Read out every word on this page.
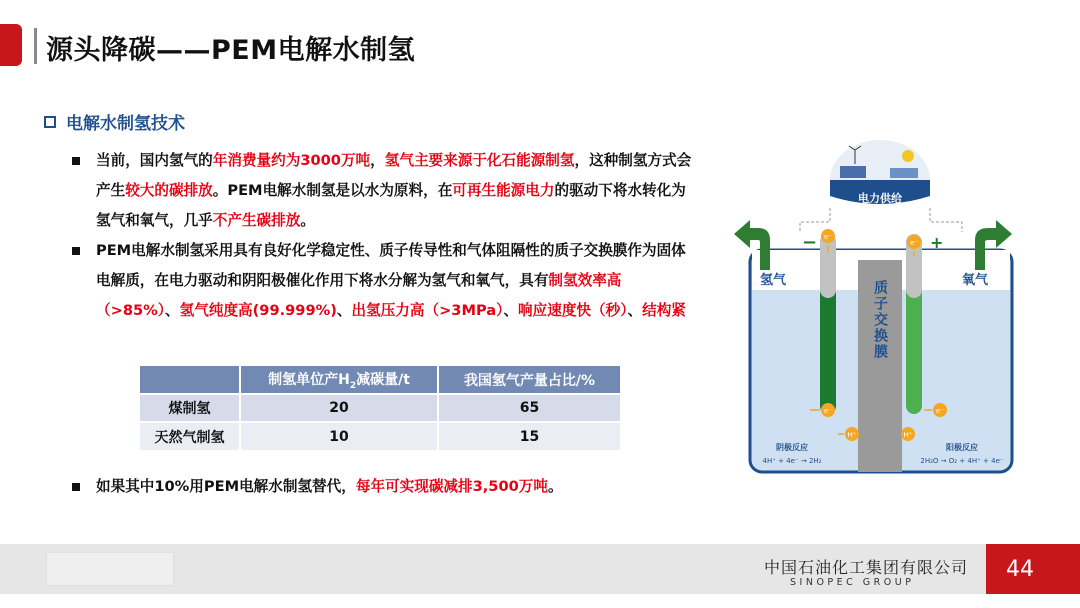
源头降碳——PEM电解水制氢
电解水制氢技术
当前，国内氢气的年消费量约为3000万吨，氢气主要来源于化石能源制氢，这种制氢方式会产生较大的碳排放。PEM电解水制氢是以水为原料，在可再生能源电力的驱动下将水转化为氢气和氧气，几乎不产生碳排放。
PEM电解水制氢采用具有良好化学稳定性、质子传导性和气体阻隔性的质子交换膜作为固体电解质，在电力驱动和阴阳极催化作用下将水分解为氢气和氧气，具有制氢效率高（>85%）、氢气纯度高(99.999%)、出氢压力高（>3MPa）、响应速度快（秒）、结构紧
	制氢单位产$H_2$减碳量/t	我国氢气产量占比/%
煤制氢	20	65
天然气制氢	10	15
如果其中10%用PEM电解水制氢替代，每年可实现碳减排3,500万吨。
电力供给
氢气	氧气
质子交换膜
−	+
e⁻
e⁻
e⁻	e⁻
H⁺	H⁺
阴极反应
4H⁺ + 4e⁻ → 2H₂
阳极反应
2H₂O → O₂ + 4H⁺ + 4e⁻
中国石油化工集团有限公司
SINOPEC GROUP
44
